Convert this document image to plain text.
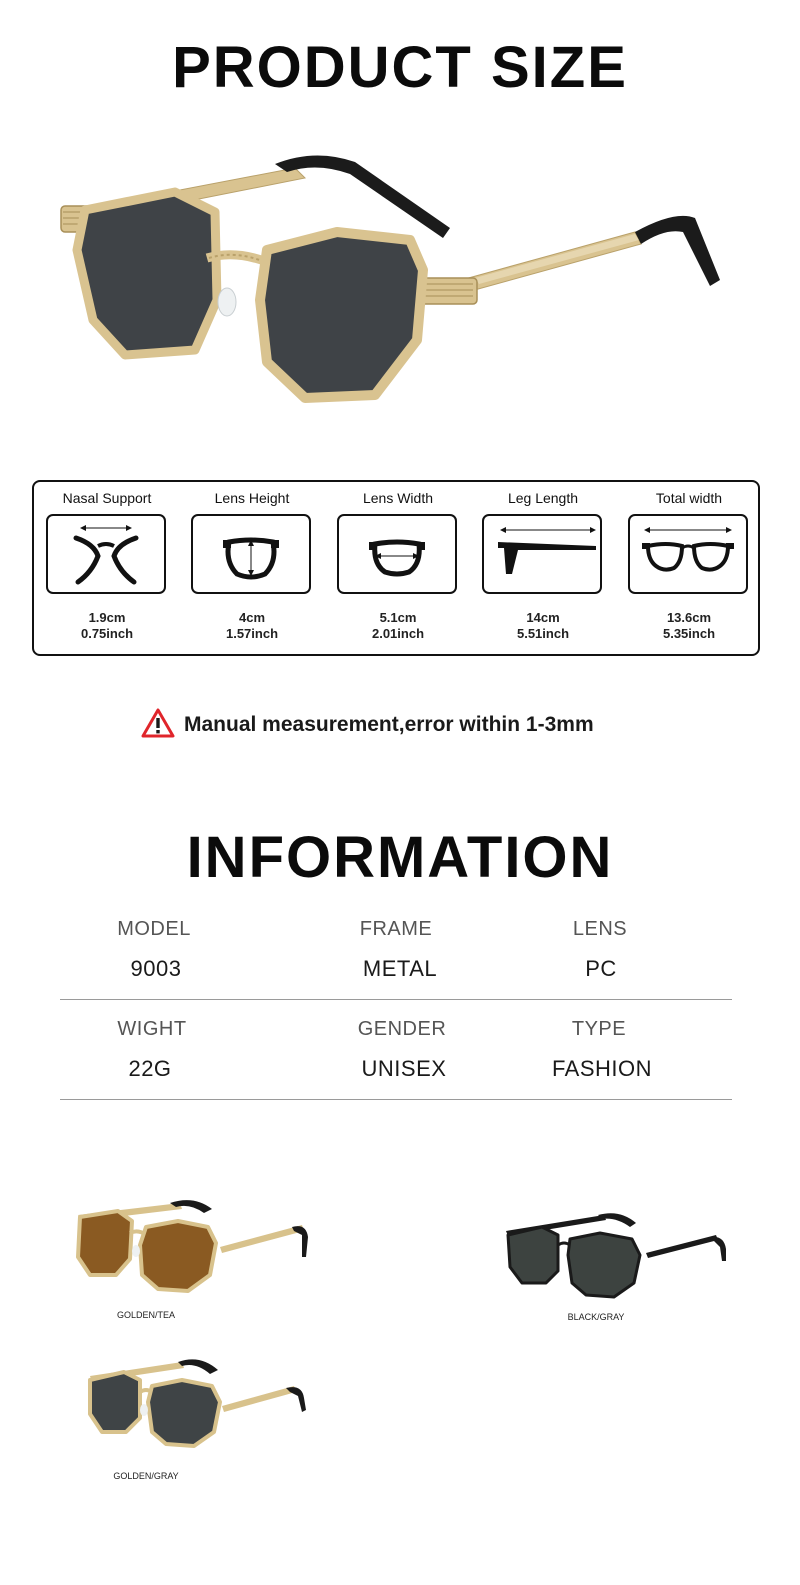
PRODUCT SIZE
Nasal Support
1.9cm
0.75inch
Lens Height
4cm
1.57inch
Lens Width
5.1cm
2.01inch
Leg Length
14cm
5.51inch
Total width
13.6cm
5.35inch
Manual measurement,error within 1-3mm
INFORMATION
MODEL
9003
FRAME
METAL
LENS
PC
WIGHT
22G
GENDER
UNISEX
TYPE
FASHION
GOLDEN/TEA	BLACK/GRAY
GOLDEN/GRAY
